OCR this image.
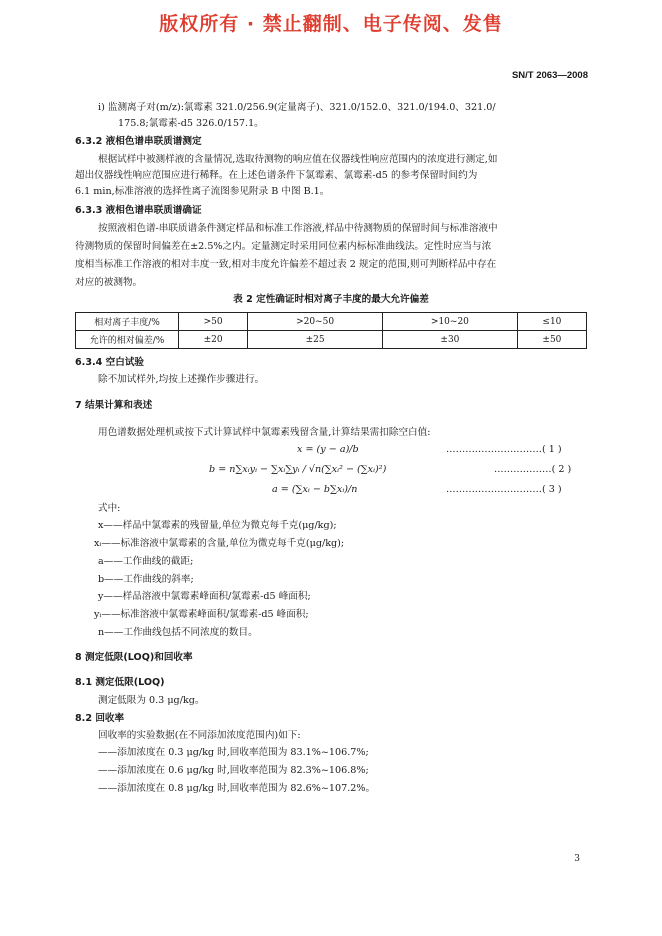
版权所有 · 禁止翻制、电子传阅、发售
SN/T 2063—2008
i) 监测离子对(m/z):氯霉素 321.0/256.9(定量离子)、321.0/152.0、321.0/194.0、321.0/
175.8;氯霉素-d5 326.0/157.1。
6.3.2 液相色谱串联质谱测定
根据试样中被测样液的含量情况,选取待测物的响应值在仪器线性响应范围内的浓度进行测定,如
超出仪器线性响应范围应进行稀释。在上述色谱条件下氯霉素、氯霉素-d5 的参考保留时间约为
6.1 min,标准溶液的选择性离子流图参见附录 B 中图 B.1。
6.3.3 液相色谱串联质谱确证
按照液相色谱-串联质谱条件测定样品和标准工作溶液,样品中待测物质的保留时间与标准溶液中
待测物质的保留时间偏差在±2.5%之内。定量测定时采用同位素内标标准曲线法。定性时应当与浓
度相当标准工作溶液的相对丰度一致,相对丰度允许偏差不超过表 2 规定的范围,则可判断样品中存在
对应的被测物。
表 2 定性确证时相对离子丰度的最大允许偏差
相对离子丰度/%	>50	>20~50	>10~20	≤10
允许的相对偏差/%	±20	±25	±30	±50
6.3.4 空白试验
除不加试样外,均按上述操作步骤进行。
7 结果计算和表述
用色谱数据处理机或按下式计算试样中氯霉素残留含量,计算结果需扣除空白值:
x = (y − a)/b	…………………………( 1 )
b = n∑xᵢyᵢ − ∑xᵢ∑yᵢ / √n(∑xᵢ² − (∑xᵢ)²)	………………( 2 )
a = (∑xᵢ − b∑xᵢ)/n	…………………………( 3 )
式中:
x——样品中氯霉素的残留量,单位为微克每千克(μg/kg);
xᵢ——标准溶液中氯霉素的含量,单位为微克每千克(μg/kg);
a——工作曲线的截距;
b——工作曲线的斜率;
y——样品溶液中氯霉素峰面积/氯霉素-d5 峰面积;
yᵢ——标准溶液中氯霉素峰面积/氯霉素-d5 峰面积;
n——工作曲线包括不同浓度的数目。
8 测定低限(LOQ)和回收率
8.1 测定低限(LOQ)
测定低限为 0.3 μg/kg。
8.2 回收率
回收率的实验数据(在不同添加浓度范围内)如下:
——添加浓度在 0.3 μg/kg 时,回收率范围为 83.1%~106.7%;
——添加浓度在 0.6 μg/kg 时,回收率范围为 82.3%~106.8%;
——添加浓度在 0.8 μg/kg 时,回收率范围为 82.6%~107.2%。
3
